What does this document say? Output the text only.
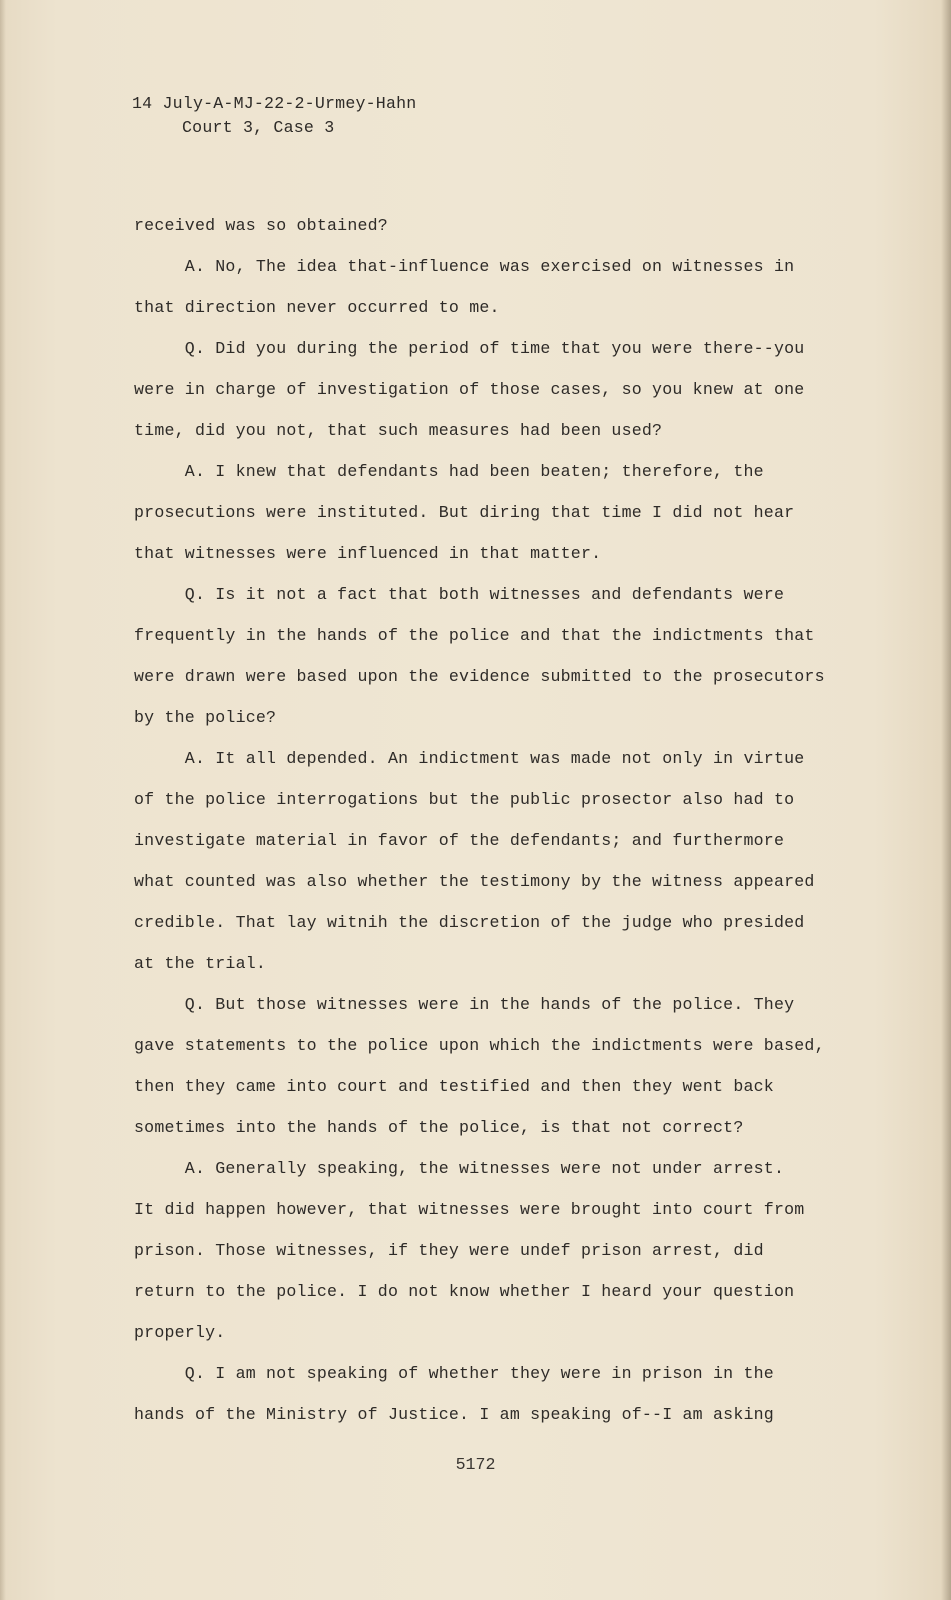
14 July-A-MJ-22-2-Urmey-Hahn

Court 3, Case 3

received was so obtained?

A. No, The idea that-influence was exercised on witnesses in

that direction never occurred to me.

Q. Did you during the period of time that you were there--you

were in charge of investigation of those cases, so you knew at one

time, did you not, that such measures had been used?

A. I knew that defendants had been beaten; therefore, the

prosecutions were instituted. But diring that time I did not hear

that witnesses were influenced in that matter.

Q. Is it not a fact that both witnesses and defendants were

frequently in the hands of the police and that the indictments that

were drawn were based upon the evidence submitted to the prosecutors

by the police?

A. It all depended. An indictment was made not only in virtue

of the police interrogations but the public prosector also had to

investigate material in favor of the defendants; and furthermore

what counted was also whether the testimony by the witness appeared

credible. That lay witnih the discretion of the judge who presided

at the trial.

Q. But those witnesses were in the hands of the police. They

gave statements to the police upon which the indictments were based,

then they came into court and testified and then they went back

sometimes into the hands of the police, is that not correct?

A. Generally speaking, the witnesses were not under arrest.

It did happen however, that witnesses were brought into court from

prison. Those witnesses, if they were undef prison arrest, did

return to the police. I do not know whether I heard your question

properly.

Q. I am not speaking of whether they were in prison in the

hands of the Ministry of Justice. I am speaking of--I am asking

5172
